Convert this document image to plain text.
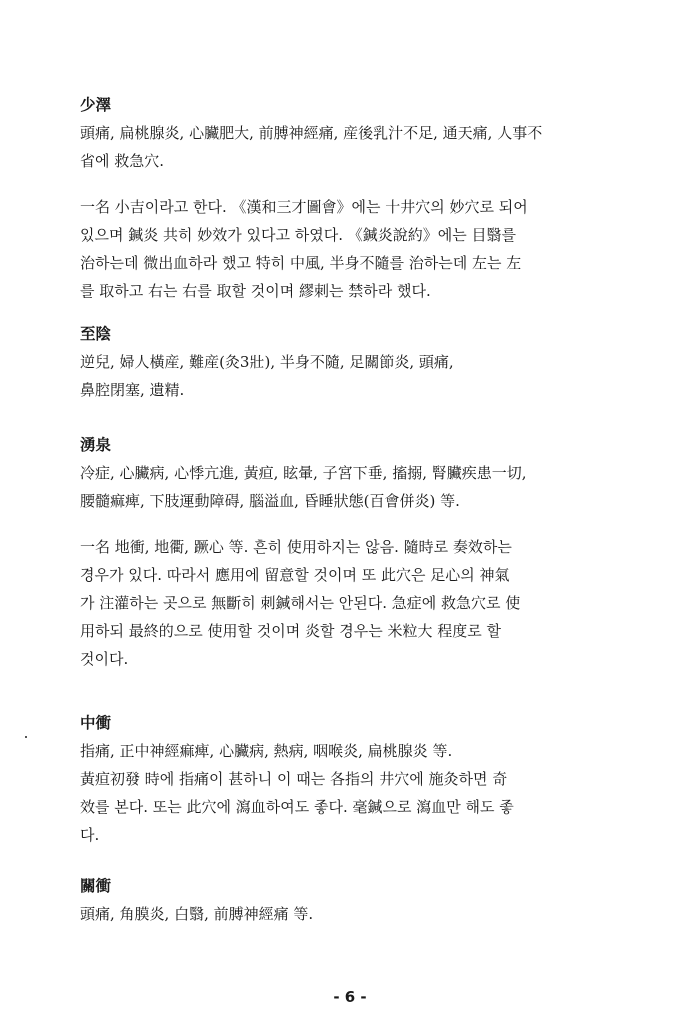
少澤

頭痛, 扁桃腺炎, 心臟肥大, 前膊神經痛, 産後乳汁不足, 通天痛, 人事不
省에 救急穴.

一名 小吉이라고 한다. 《漢和三才圖會》에는 十井穴의 妙穴로 되어
있으며 鍼炎 共히 妙效가 있다고 하였다. 《鍼炎說約》에는 目翳를
治하는데 微出血하라 했고 特히 中風, 半身不隨를 治하는데 左는 左
를 取하고 右는 右를 取할 것이며 繆刺는 禁하라 했다.

至陰

逆兒, 婦人橫産, 難産(灸3壯), 半身不隨, 足關節炎, 頭痛,
鼻腔閉塞, 遺精.

湧泉

冷症, 心臟病, 心悸亢進, 黃疸, 眩暈, 子宮下垂, 搐搦, 腎臟疾患一切,
腰髓痲痺, 下肢運動障碍, 腦溢血, 昏睡狀態(百會併炎) 等.

一名 地衝, 地衢, 蹶心 等. 흔히 使用하지는 않음. 隨時로 奏效하는
경우가 있다. 따라서 應用에 留意할 것이며 또 此穴은 足心의 神氣
가 注灌하는 곳으로 無斷히 刺鍼해서는 안된다. 急症에 救急穴로 使
用하되 最終的으로 使用할 것이며 炎할 경우는 米粒大 程度로 할
것이다.

中衝

指痛, 正中神經痲痺, 心臟病, 熱病, 咽喉炎, 扁桃腺炎 等.

黃疸初發 時에 指痛이 甚하니 이 때는 各指의 井穴에 施灸하면 奇
效를 본다. 또는 此穴에 瀉血하여도 좋다. 毫鍼으로 瀉血만 해도 좋
다.

關衝

頭痛, 角膜炎, 白翳, 前膊神經痛 等.

- 6 -
